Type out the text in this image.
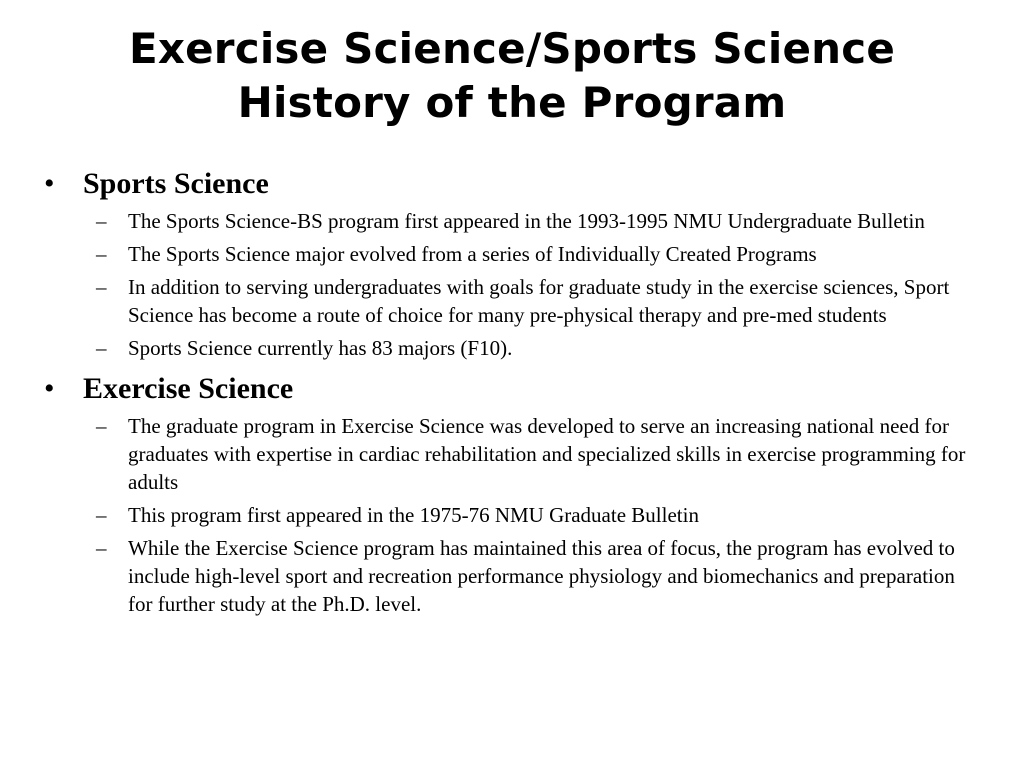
Exercise Science/Sports Science
History of the Program
• Sports Science
– The Sports Science-BS program first appeared in the 1993-1995 NMU Undergraduate Bulletin
– The Sports Science major evolved from a series of Individually Created Programs
– In addition to serving undergraduates with goals for graduate study in the exercise sciences, Sport Science has become a route of choice for many pre-physical therapy and pre-med students
– Sports Science currently has 83 majors (F10).
• Exercise Science
– The graduate program in Exercise Science was developed to serve an increasing national need for graduates with expertise in cardiac rehabilitation and specialized skills in exercise programming for adults
– This program first appeared in the 1975-76 NMU Graduate Bulletin
– While the Exercise Science program has maintained this area of focus, the program has evolved to include high-level sport and recreation performance physiology and biomechanics and preparation for further study at the Ph.D. level.
